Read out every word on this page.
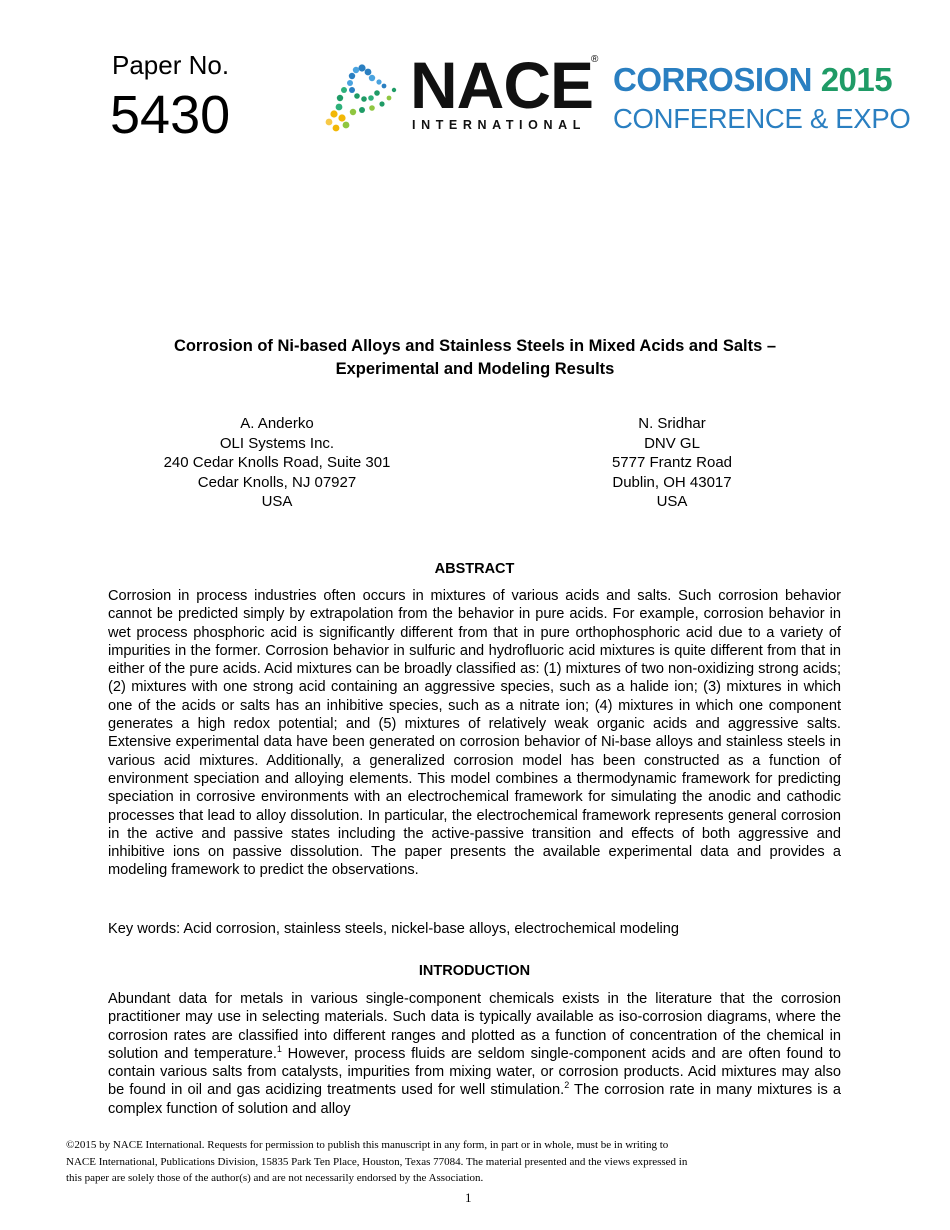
Paper No.
5430	NACE
®
INTERNATIONAL
CORROSION 2015
CONFERENCE & EXPO
Corrosion of Ni-based Alloys and Stainless Steels in Mixed Acids and Salts –
Experimental and Modeling Results
A. Anderko
OLI Systems Inc.
240 Cedar Knolls Road, Suite 301
Cedar Knolls, NJ 07927
USA
N. Sridhar
DNV GL
5777 Frantz Road
Dublin, OH 43017
USA
ABSTRACT
Corrosion in process industries often occurs in mixtures of various acids and salts. Such corrosion behavior cannot be predicted simply by extrapolation from the behavior in pure acids. For example, corrosion behavior in wet process phosphoric acid is significantly different from that in pure orthophosphoric acid due to a variety of impurities in the former. Corrosion behavior in sulfuric and hydrofluoric acid mixtures is quite different from that in either of the pure acids. Acid mixtures can be broadly classified as: (1) mixtures of two non-oxidizing strong acids; (2) mixtures with one strong acid containing an aggressive species, such as a halide ion; (3) mixtures in which one of the acids or salts has an inhibitive species, such as a nitrate ion; (4) mixtures in which one component generates a high redox potential; and (5) mixtures of relatively weak organic acids and aggressive salts. Extensive experimental data have been generated on corrosion behavior of Ni-base alloys and stainless steels in various acid mixtures. Additionally, a generalized corrosion model has been constructed as a function of environment speciation and alloying elements. This model combines a thermodynamic framework for predicting speciation in corrosive environments with an electrochemical framework for simulating the anodic and cathodic processes that lead to alloy dissolution. In particular, the electrochemical framework represents general corrosion in the active and passive states including the active-passive transition and effects of both aggressive and inhibitive ions on passive dissolution. The paper presents the available experimental data and provides a modeling framework to predict the observations.
Key words: Acid corrosion, stainless steels, nickel-base alloys, electrochemical modeling
INTRODUCTION
Abundant data for metals in various single-component chemicals exists in the literature that the corrosion practitioner may use in selecting materials. Such data is typically available as iso-corrosion diagrams, where the corrosion rates are classified into different ranges and plotted as a function of concentration of the chemical in solution and temperature.$^1$ However, process fluids are seldom single-component acids and are often found to contain various salts from catalysts, impurities from mixing water, or corrosion products. Acid mixtures may also be found in oil and gas acidizing treatments used for well stimulation.$^2$ The corrosion rate in many mixtures is a complex function of solution and alloy
©2015 by NACE International. Requests for permission to publish this manuscript in any form, in part or in whole, must be in writing to
NACE International, Publications Division, 15835 Park Ten Place, Houston, Texas 77084. The material presented and the views expressed in
this paper are solely those of the author(s) and are not necessarily endorsed by the Association.
1
